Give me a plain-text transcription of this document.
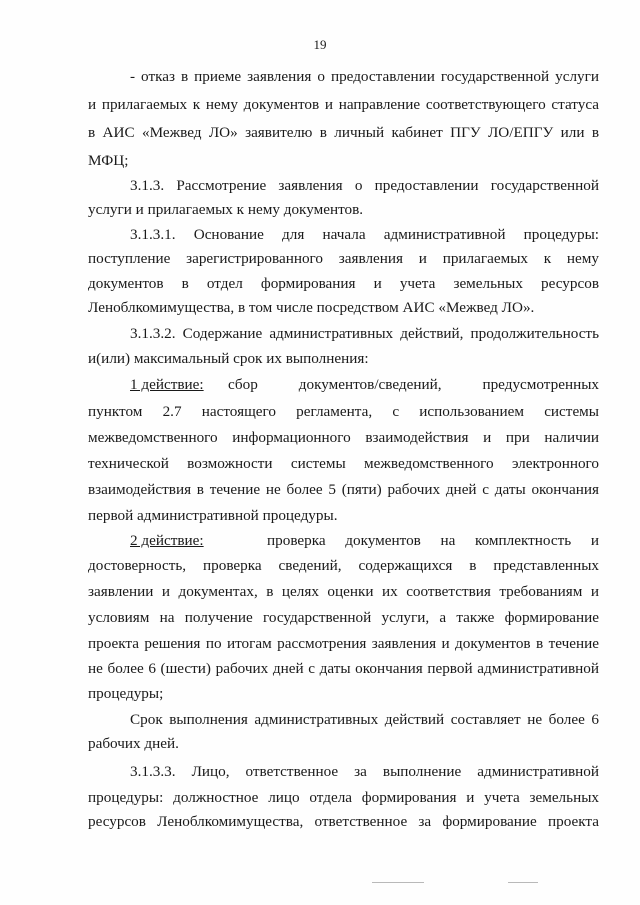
19
- отказ в приеме заявления о предоставлении государственной услуги
и прилагаемых к нему документов и направление соответствующего статуса
в АИС «Межвед ЛО» заявителю в личный кабинет ПГУ ЛО/ЕПГУ или в
МФЦ;
3.1.3. Рассмотрение заявления о предоставлении государственной
услуги и прилагаемых к нему документов.
3.1.3.1. Основание для начала административной процедуры:
поступление зарегистрированного заявления и прилагаемых к нему
документов в отдел формирования и учета земельных ресурсов
Леноблкомимущества, в том числе посредством АИС «Межвед ЛО».
3.1.3.2. Содержание административных действий, продолжительность
и(или) максимальный срок их выполнения:
1 действие: сбор документов/сведений, предусмотренных
пунктом 2.7 настоящего регламента, с использованием системы
межведомственного информационного взаимодействия и при наличии
технической возможности системы межведомственного электронного
взаимодействия в течение не более 5 (пяти) рабочих дней с даты окончания
первой административной процедуры.
2 действие:	проверка документов на комплектность и
достоверность, проверка сведений, содержащихся в представленных
заявлении и документах, в целях оценки их соответствия требованиям и
условиям на получение государственной услуги, а также формирование
проекта решения по итогам рассмотрения заявления и документов в течение
не более 6 (шести) рабочих дней с даты окончания первой административной
процедуры;
Срок выполнения административных действий составляет не более 6
рабочих дней.
3.1.3.3. Лицо, ответственное за выполнение административной
процедуры: должностное лицо отдела формирования и учета земельных
ресурсов Леноблкомимущества, ответственное за формирование проекта
